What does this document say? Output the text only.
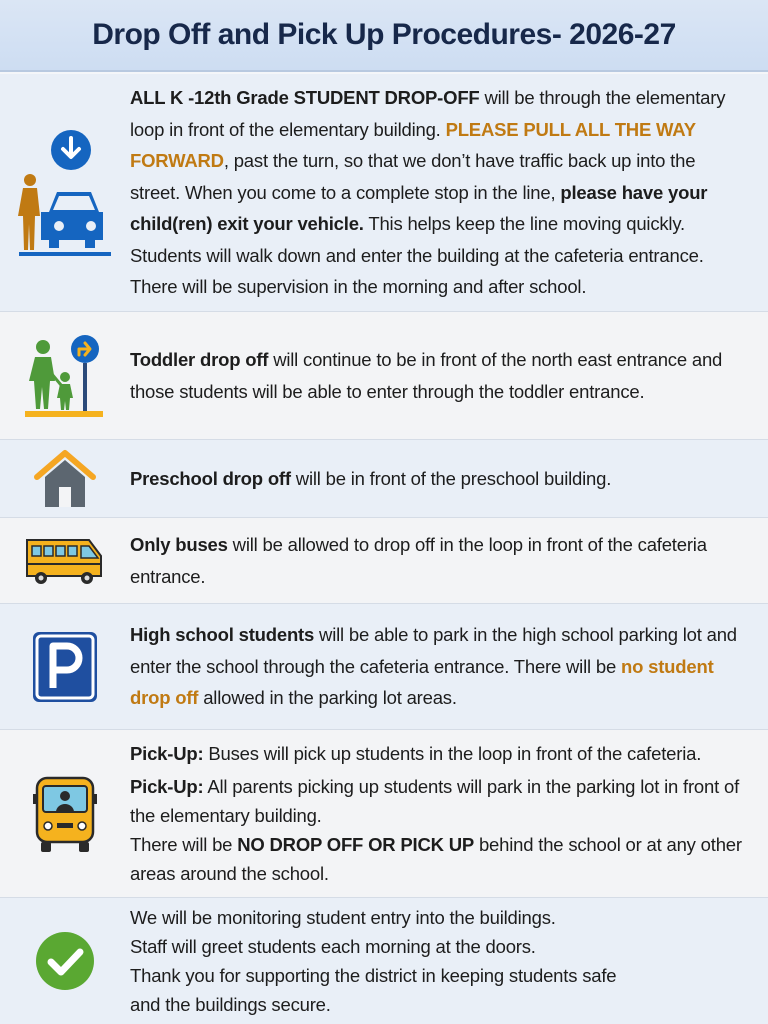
Drop Off and Pick Up Procedures- 2026-27

ALL K -12th Grade STUDENT DROP-OFF will be through the elementary loop in front of the elementary building. PLEASE PULL ALL THE WAY FORWARD, past the turn, so that we don’t have traffic back up into the street. When you come to a complete stop in the line, please have your child(ren) exit your vehicle. This helps keep the line moving quickly. Students will walk down and enter the building at the cafeteria entrance. There will be supervision in the morning and after school.

Toddler drop off will continue to be in front of the north east entrance and those students will be able to enter through the toddler entrance.

Preschool drop off will be in front of the preschool building.

Only buses will be allowed to drop off in the loop in front of the cafeteria entrance.

High school students will be able to park in the high school parking lot and enter the school through the cafeteria entrance. There will be no student drop off allowed in the parking lot areas.

Pick-Up: Buses will pick up students in the loop in front of the cafeteria.

Pick-Up: All parents picking up students will park in the parking lot in front of the elementary building.

There will be NO DROP OFF OR PICK UP behind the school or at any other areas around the school.

We will be monitoring student entry into the buildings.

Staff will greet students each morning at the doors.

Thank you for supporting the district in keeping students safe

and the buildings secure.
